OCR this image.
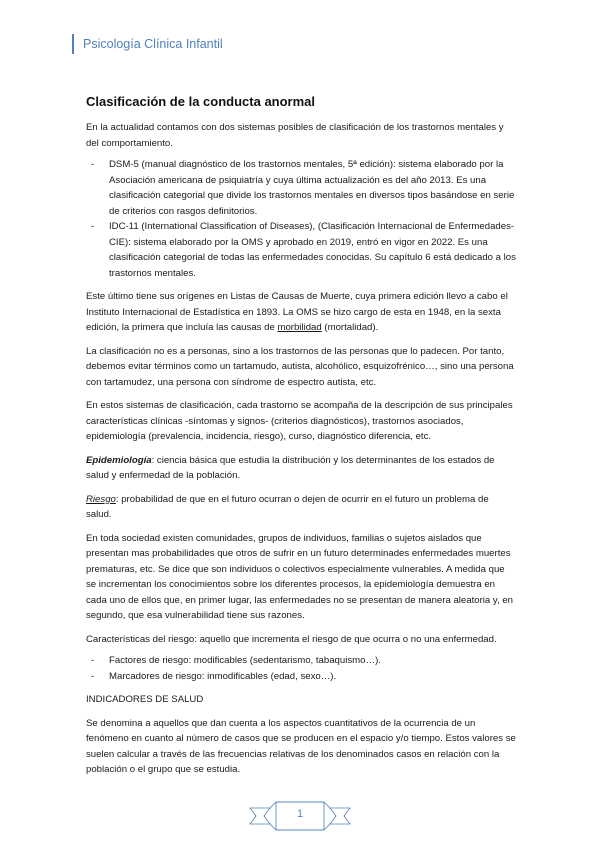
Psicología Clínica Infantil
Clasificación de la conducta anormal

En la actualidad contamos con dos sistemas posibles de clasificación de los trastornos mentales y del comportamiento.

- DSM-5 (manual diagnóstico de los trastornos mentales, 5ª edición): sistema elaborado por la Asociación americana de psiquiatría y cuya última actualización es del año 2013. Es una clasificación categorial que divide los trastornos mentales en diversos tipos basándose en serie de criterios con rasgos definitorios.
- IDC-11 (International Classification of Diseases), (Clasificación Internacional de Enfermedades-CIE): sistema elaborado por la OMS y aprobado en 2019, entró en vigor en 2022. Es una clasificación categorial de todas las enfermedades conocidas. Su capítulo 6 está dedicado a los trastornos mentales.

Este último tiene sus orígenes en Listas de Causas de Muerte, cuya primera edición llevo a cabo el Instituto Internacional de Estadística en 1893. La OMS se hizo cargo de esta en 1948, en la sexta edición, la primera que incluía las causas de morbilidad (mortalidad).

La clasificación no es a personas, sino a los trastornos de las personas que lo padecen. Por tanto, debemos evitar términos como un tartamudo, autista, alcohólico, esquizofrénico…, sino una persona con tartamudez, una persona con síndrome de espectro autista, etc.

En estos sistemas de clasificación, cada trastorno se acompaña de la descripción de sus principales características clínicas -síntomas y signos- (criterios diagnósticos), trastornos asociados, epidemiología (prevalencia, incidencia, riesgo), curso, diagnóstico diferencia, etc.

Epidemiología: ciencia básica que estudia la distribución y los determinantes de los estados de salud y enfermedad de la población.

Riesgo: probabilidad de que en el futuro ocurran o dejen de ocurrir en el futuro un problema de salud.

En toda sociedad existen comunidades, grupos de individuos, familias o sujetos aislados que presentan mas probabilidades que otros de sufrir en un futuro determinades enfermedades muertes prematuras, etc. Se dice que son individuos o colectivos especialmente vulnerables. A medida que se incrementan los conocimientos sobre los diferentes procesos, la epidemiología demuestra en cada uno de ellos que, en primer lugar, las enfermedades no se presentan de manera aleatoria y, en segundo, que esa vulnerabilidad tiene sus razones.

Características del riesgo: aquello que incrementa el riesgo de que ocurra o no una enfermedad.

- Factores de riesgo: modificables (sedentarismo, tabaquismo…).
- Marcadores de riesgo: inmodificables (edad, sexo…).

INDICADORES DE SALUD

Se denomina a aquellos que dan cuenta a los aspectos cuantitativos de la ocurrencia de un fenómeno en cuanto al número de casos que se producen en el espacio y/o tiempo. Estos valores se suelen calcular a través de las frecuencias relativas de los denominados casos en relación con la población o el grupo que se estudia.

1
